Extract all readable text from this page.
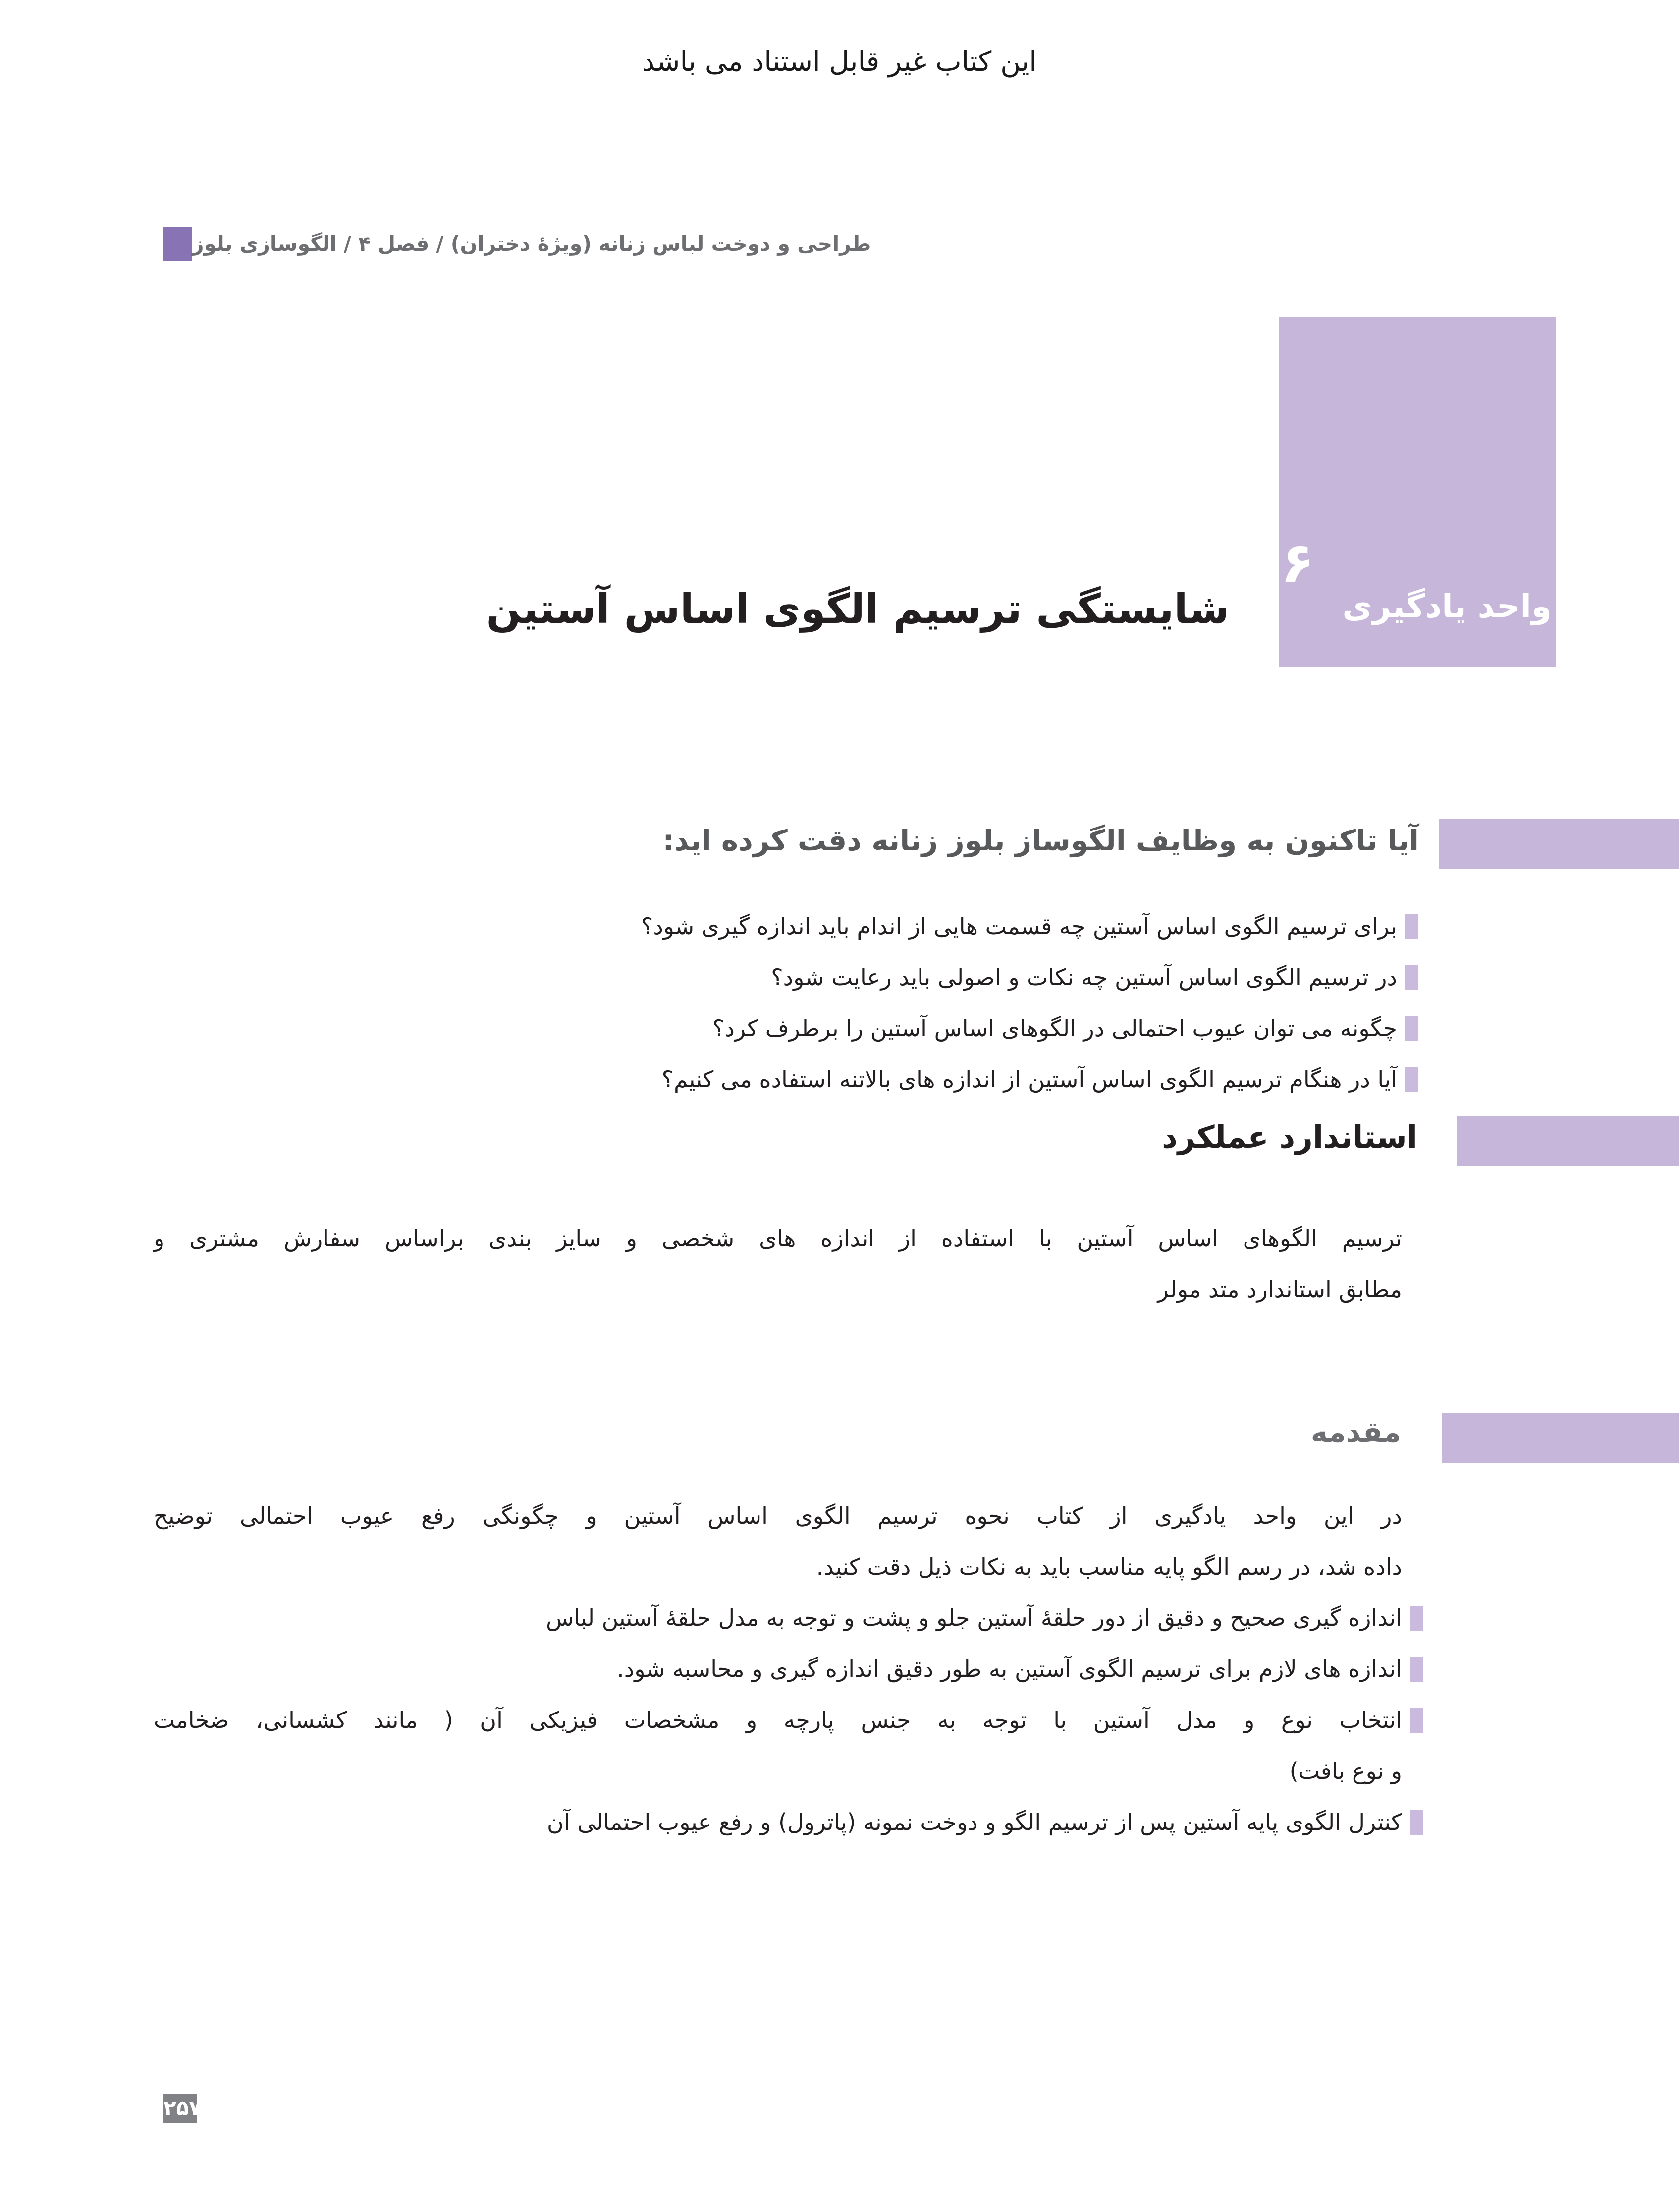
این کتاب غیر قابل استناد می باشد
طراحی و دوخت لباس زنانه (ویژهٔ دختران) / فصل ۴ / الگوسازی بلوز
۶
واحد یادگیری
شایستگی ترسیم الگوی اساس آستین
آیا تاکنون به وظایف الگوساز بلوز زنانه دقت کرده اید:
برای ترسیم الگوی اساس آستین چه قسمت هایی از اندام باید اندازه گیری شود؟
در ترسیم الگوی اساس آستین چه نکات و اصولی باید رعایت شود؟
چگونه می توان عیوب احتمالی در الگوهای اساس آستین را برطرف کرد؟
آیا در هنگام ترسیم الگوی اساس آستین از اندازه های بالاتنه استفاده می کنیم؟
استاندارد عملکرد
ترسیم الگوهای اساس آستین با استفاده از اندازه های شخصی و سایز بندی براساس سفارش مشتری و
مطابق استاندارد متد مولر
مقدمه
در این واحد یادگیری از کتاب نحوه ترسیم الگوی اساس آستین و چگونگی رفع عیوب احتمالی توضیح
داده شد، در رسم الگو پایه مناسب باید به نکات ذیل دقت کنید.
اندازه گیری صحیح و دقیق از دور حلقهٔ آستین جلو و پشت و توجه به مدل حلقهٔ آستین لباس
اندازه های لازم برای ترسیم الگوی آستین به طور دقیق اندازه گیری و محاسبه شود.
انتخاب نوع و مدل آستین با توجه به جنس پارچه و مشخصات فیزیکی آن ( مانند کشسانی، ضخامت
و نوع بافت)
کنترل الگوی پایه آستین پس از ترسیم الگو و دوخت نمونه (پاترول) و رفع عیوب احتمالی آن
۲۵۷
